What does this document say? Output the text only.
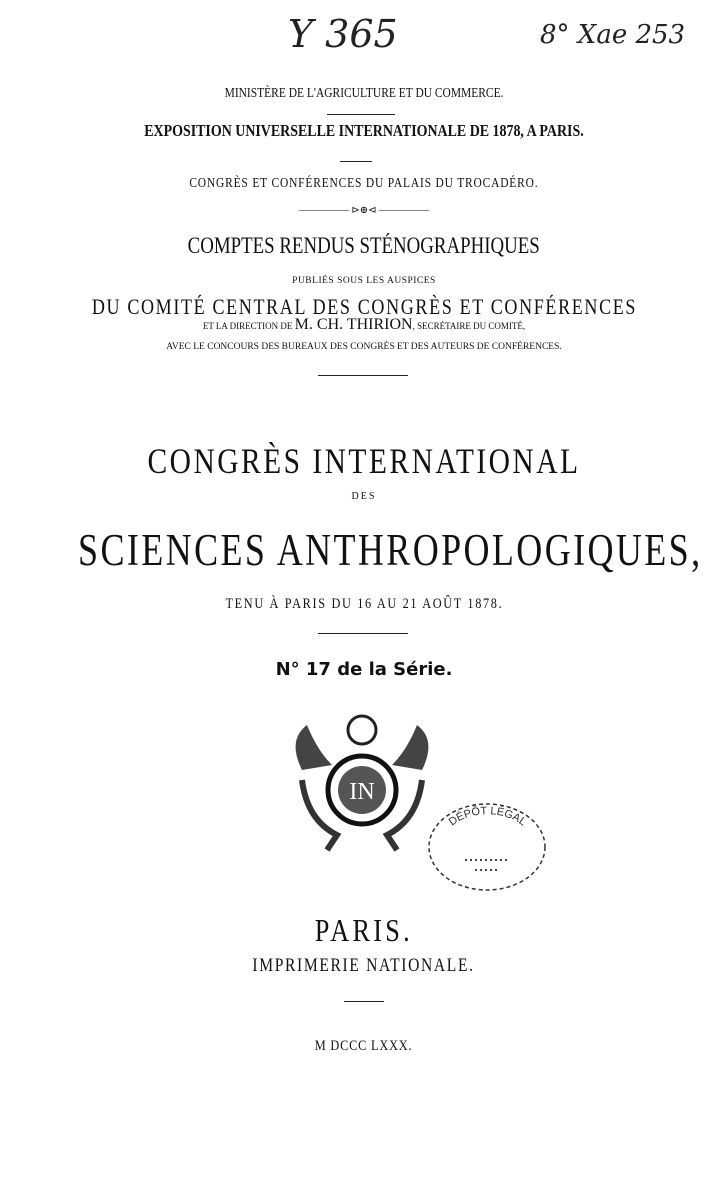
Y 365	8° Xae 253
MINISTÈRE DE L'AGRICULTURE ET DU COMMERCE.
EXPOSITION UNIVERSELLE INTERNATIONALE DE 1878, A PARIS.
CONGRÈS ET CONFÉRENCES DU PALAIS DU TROCADÉRO.
————— ⊳⊕⊲ —————
COMPTES RENDUS STÉNOGRAPHIQUES
PUBLIÉS SOUS LES AUSPICES
DU COMITÉ CENTRAL DES CONGRÈS ET CONFÉRENCES
ET LA DIRECTION DE M. CH. THIRION, SECRÉTAIRE DU COMITÉ,
AVEC LE CONCOURS DES BUREAUX DES CONGRÈS ET DES AUTEURS DE CONFÉRENCES.
CONGRÈS INTERNATIONAL
DES
SCIENCES ANTHROPOLOGIQUES,
TENU À PARIS DU 16 AU 21 AOÛT 1878.
N° 17 de la Série.
IN
DÉPÔT LÉGAL
PARIS.
IMPRIMERIE NATIONALE.
M DCCC LXXX.
